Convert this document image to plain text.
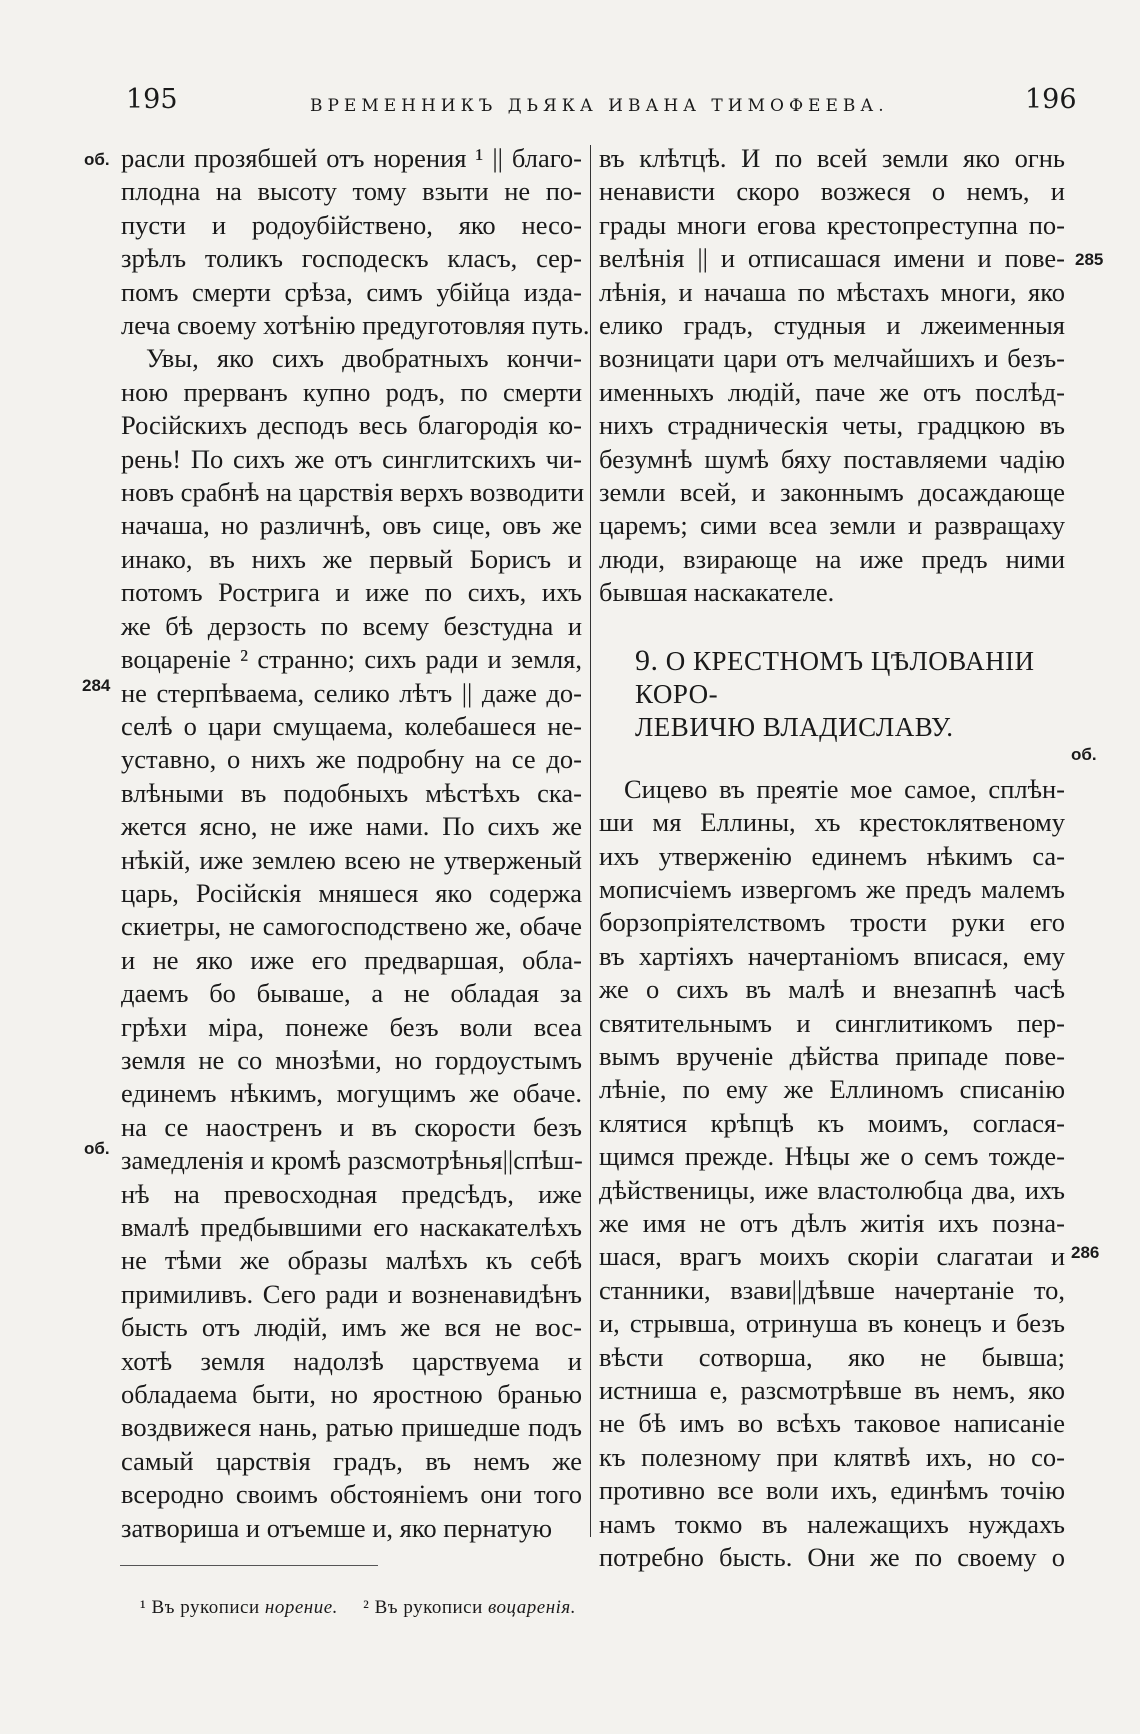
195	ВРЕМЕННИКЪ ДЬЯКА ИВАНА ТИМОФЕЕВА.	196
об.
284
об.
285
об.
286
расли прозябшей отъ норения ¹ || благо-
плодна на высоту тому взыти не по-
пусти и родоубійствено, яко несо-
зрѣлъ толикъ господескъ класъ, сер-
помъ смерти срѣза, симъ убійца издa-
леча своему хотѣнію предуготовляя путь.
Увы, яко сихъ двобратныхъ кончи-
ною прерванъ купно родъ, по смерти
Російскихъ деcподъ весь благородія ко-
рень! По сихъ же отъ синглитскихъ чи-
новъ срабнѣ на царствія верхъ возводити
начаша, но различнѣ, овъ сице, овъ же
инако, въ нихъ же первый Борисъ и
потомъ Рострига и иже по сихъ, ихъ
же бѣ дерзость по всему безстудна и
воцареніе ² странно; сихъ ради и земля,
не стерпѣваема, селико лѣтъ || даже до-
селѣ о цари смущаема, колебашеся не-
уставно, о нихъ же подробну на се до-
влѣными въ подобныхъ мѣстѣхъ ска-
жется ясно, не иже нами. По сихъ же
нѣкій, иже землею всею не утверженый
царь, Російскія мняшеся яко содержа
скиетры, не самогосподствено же, обаче
и не яко иже его предваршая, обла-
даемъ бо бываше, а не обладая за
грѣхи міра, понеже безъ воли всеа
земля не со мнозѣми, но гордоустымъ
единемъ нѣкимъ, могущимъ же обаче.
на се наостренъ и въ скорости безъ
замедленія и кромѣ разсмотрѣнья||спѣш-
нѣ на превосходная предсѣдъ, иже
вмалѣ предбывшими его наскакателѣхъ
не тѣми же образы малѣхъ къ себѣ
примиливъ. Сего ради и возненавидѣнъ
бысть отъ людій, имъ же вся не вос-
хотѣ земля надолзѣ царствуема и
обладаема быти, но яростною бранью
воздвижеся нань, ратью пришедше подъ
самый царствія градъ, въ немъ же
всеродно своимъ обстояніемъ они того
затвориша и отъемше и, яко пернатую
въ клѣтцѣ. И по всей земли яко огнь
ненависти скоро возжеся о немъ, и
грады многи егова крестопреступна по-
велѣнія || и отписашася имени и пове-
лѣнія, и начаша по мѣстахъ многи, яко
елико градъ, студныя и лжеименныя
возницати цари отъ мелчайшихъ и безъ-
именныхъ людій, паче же отъ послѣд-
нихъ страдническія четы, градцкою въ
безумнѣ шумѣ бяху поставляеми чадію
земли всей, и законнымъ досаждающе
царемъ; сими всеа земли и развращаху
люди, взирающе на иже предъ ними
бывшая наскакателе.
9. О КРЕСТНОМЪ ЦѢЛОВАНІИ КОРО-
ЛЕВИЧЮ ВЛАДИСЛАВУ.
Сицево въ преятіе мое самое, сплѣн-
ши мя Еллины, хъ крестоклятвеному
ихъ утверженію единемъ нѣкимъ са-
мописчіемъ извергомъ же предъ малемъ
борзопріятелствомъ трости руки его
въ хартіяхъ начертаніомъ вписася, ему
же о сихъ въ малѣ и внезапнѣ часѣ
святительнымъ и синглитикомъ пер-
вымъ врученіе дѣйства припаде пове-
лѣніе, по ему же Еллиномъ списанію
клятися крѣпцѣ къ моимъ, соглася-
щимся прежде. Нѣцы же о семъ тожде-
дѣйственицы, иже властолюбца два, ихъ
же имя не отъ дѣлъ житія ихъ позна-
шася, врагъ моихъ скоріи слагатаи и
станники, взави||дѣвше начертаніе то,
и, стрывша, отринуша въ конецъ и безъ
вѣсти сотворша, яко не бывша;
истниша е, разсмотрѣвше въ немъ, яко
не бѣ имъ во всѣхъ таковое написаніе
къ полезному при клятвѣ ихъ, но со-
противно все воли ихъ, единѣмъ точію
намъ токмо въ належащихъ нуждахъ
потребно бысть. Они же по своему о
¹ Въ рукописи норение. ² Въ рукописи воцаренія.
